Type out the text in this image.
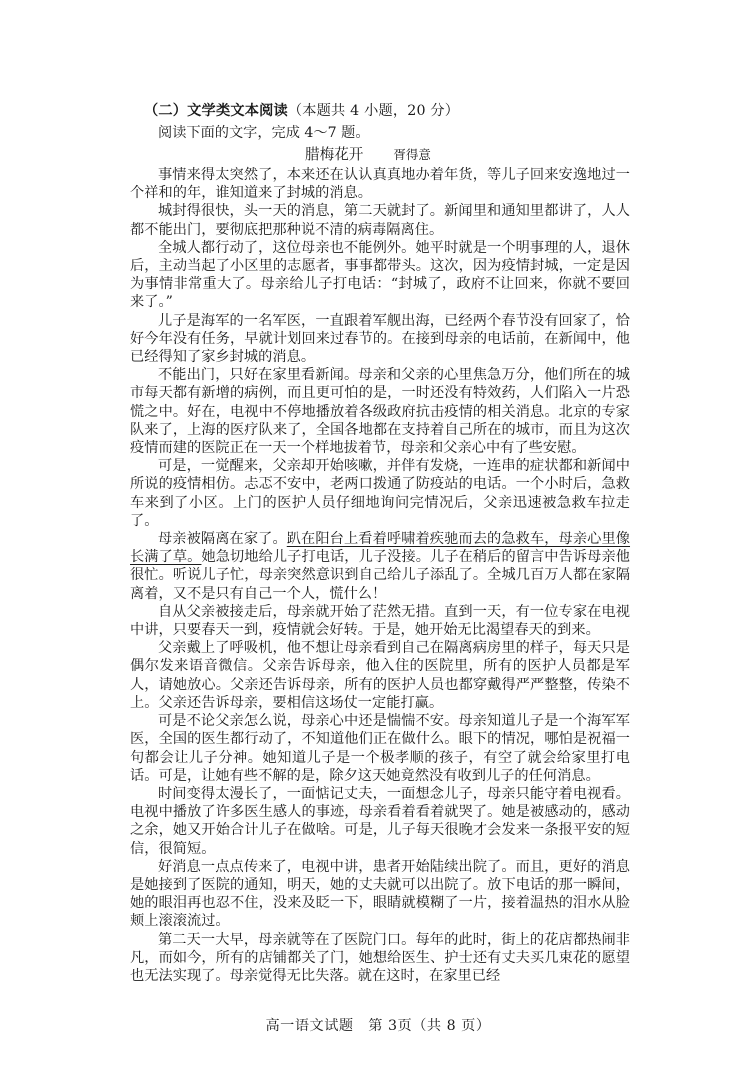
（二）文学类文本阅读（本题共 4 小题，20 分）

阅读下面的文字，完成 4～7 题。

腊梅花开 胥得意

事情来得太突然了，本来还在认认真真地办着年货，等儿子回来安逸地过一个祥和的年，谁知道来了封城的消息。

城封得很快，头一天的消息，第二天就封了。新闻里和通知里都讲了，人人都不能出门，要彻底把那种说不清的病毒隔离住。

全城人都行动了，这位母亲也不能例外。她平时就是一个明事理的人，退休后，主动当起了小区里的志愿者，事事都带头。这次，因为疫情封城，一定是因为事情非常重大了。母亲给儿子打电话：“封城了，政府不让回来，你就不要回来了。”

儿子是海军的一名军医，一直跟着军舰出海，已经两个春节没有回家了，恰好今年没有任务，早就计划回来过春节的。在接到母亲的电话前，在新闻中，他已经得知了家乡封城的消息。

不能出门，只好在家里看新闻。母亲和父亲的心里焦急万分，他们所在的城市每天都有新增的病例，而且更可怕的是，一时还没有特效药，人们陷入一片恐慌之中。好在，电视中不停地播放着各级政府抗击疫情的相关消息。北京的专家队来了，上海的医疗队来了，全国各地都在支持着自己所在的城市，而且为这次疫情而建的医院正在一天一个样地拔着节，母亲和父亲心中有了些安慰。

可是，一觉醒来，父亲却开始咳嗽，并伴有发烧，一连串的症状都和新闻中所说的疫情相仿。忐忑不安中，老两口拨通了防疫站的电话。一个小时后，急救车来到了小区。上门的医护人员仔细地询问完情况后，父亲迅速被急救车拉走了。

母亲被隔离在家了。趴在阳台上看着呼啸着疾驰而去的急救车，母亲心里像长满了草。她急切地给儿子打电话，儿子没接。儿子在稍后的留言中告诉母亲他很忙。听说儿子忙，母亲突然意识到自己给儿子添乱了。全城几百万人都在家隔离着，又不是只有自己一个人，慌什么！

自从父亲被接走后，母亲就开始了茫然无措。直到一天，有一位专家在电视中讲，只要春天一到，疫情就会好转。于是，她开始无比渴望春天的到来。

父亲戴上了呼吸机，他不想让母亲看到自己在隔离病房里的样子，每天只是偶尔发来语音微信。父亲告诉母亲，他入住的医院里，所有的医护人员都是军人，请她放心。父亲还告诉母亲，所有的医护人员也都穿戴得严严整整，传染不上。父亲还告诉母亲，要相信这场仗一定能打赢。

可是不论父亲怎么说，母亲心中还是惴惴不安。母亲知道儿子是一个海军军医，全国的医生都行动了，不知道他们正在做什么。眼下的情况，哪怕是祝福一句都会让儿子分神。她知道儿子是一个极孝顺的孩子，有空了就会给家里打电话。可是，让她有些不解的是，除夕这天她竟然没有收到儿子的任何消息。

时间变得太漫长了，一面惦记丈夫，一面想念儿子，母亲只能守着电视看。电视中播放了许多医生感人的事迹，母亲看着看着就哭了。她是被感动的，感动之余，她又开始合计儿子在做啥。可是，儿子每天很晚才会发来一条报平安的短信，很简短。

好消息一点点传来了，电视中讲，患者开始陆续出院了。而且，更好的消息是她接到了医院的通知，明天，她的丈夫就可以出院了。放下电话的那一瞬间，她的眼泪再也忍不住，没来及眨一下，眼睛就模糊了一片，接着温热的泪水从脸颊上滚滚流过。

第二天一大早，母亲就等在了医院门口。每年的此时，街上的花店都热闹非凡，而如今，所有的店铺都关了门，她想给医生、护士还有丈夫买几束花的愿望也无法实现了。母亲觉得无比失落。就在这时，在家里已经

高一语文试题　第 3页（共 8 页）
